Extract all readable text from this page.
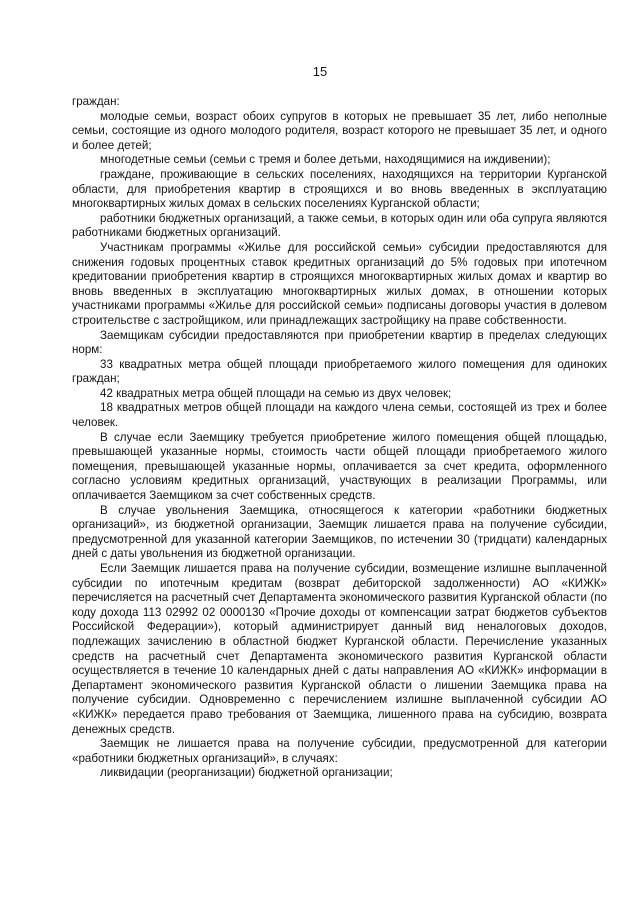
15

граждан:

молодые семьи, возраст обоих супругов в которых не превышает 35 лет, либо неполные семьи, состоящие из одного молодого родителя, возраст которого не превышает 35 лет, и одного и более детей;

многодетные семьи (семьи с тремя и более детьми, находящимися на иждивении);

граждане, проживающие в сельских поселениях, находящихся на территории Курганской области, для приобретения квартир в строящихся и во вновь введенных в эксплуатацию многоквартирных жилых домах в сельских поселениях Курганской области;

работники бюджетных организаций, а также семьи, в которых один или оба супруга являются работниками бюджетных организаций.

Участникам программы «Жилье для российской семьи» субсидии предоставляются для снижения годовых процентных ставок кредитных организаций до 5% годовых при ипотечном кредитовании приобретения квартир в строящихся многоквартирных жилых домах и квартир во вновь введенных в эксплуатацию многоквартирных жилых домах, в отношении которых участниками программы «Жилье для российской семьи» подписаны договоры участия в долевом строительстве с застройщиком, или принадлежащих застройщику на праве собственности.

Заемщикам субсидии предоставляются при приобретении квартир в пределах следующих норм:

33 квадратных метра общей площади приобретаемого жилого помещения для одиноких граждан;

42 квадратных метра общей площади на семью из двух человек;

18 квадратных метров общей площади на каждого члена семьи, состоящей из трех и более человек.

В случае если Заемщику требуется приобретение жилого помещения общей площадью, превышающей указанные нормы, стоимость части общей площади приобретаемого жилого помещения, превышающей указанные нормы, оплачивается за счет кредита, оформленного согласно условиям кредитных организаций, участвующих в реализации Программы, или оплачивается Заемщиком за счет собственных средств.

В случае увольнения Заемщика, относящегося к категории «работники бюджетных организаций», из бюджетной организации, Заемщик лишается права на получение субсидии, предусмотренной для указанной категории Заемщиков, по истечении 30 (тридцати) календарных дней с даты увольнения из бюджетной организации.

Если Заемщик лишается права на получение субсидии, возмещение излишне выплаченной субсидии по ипотечным кредитам (возврат дебиторской задолженности) АО «КИЖК» перечисляется на расчетный счет Департамента экономического развития Курганской области (по коду дохода 113 02992 02 0000130 «Прочие доходы от компенсации затрат бюджетов субъектов Российской Федерации»), который администрирует данный вид неналоговых доходов, подлежащих зачислению в областной бюджет Курганской области. Перечисление указанных средств на расчетный счет Департамента экономического развития Курганской области осуществляется в течение 10 календарных дней с даты направления АО «КИЖК» информации в Департамент экономического развития Курганской области о лишении Заемщика права на получение субсидии. Одновременно с перечислением излишне выплаченной субсидии АО «КИЖК» передается право требования от Заемщика, лишенного права на субсидию, возврата денежных средств.

Заемщик не лишается права на получение субсидии, предусмотренной для категории «работники бюджетных организаций», в случаях:

ликвидации (реорганизации) бюджетной организации;
